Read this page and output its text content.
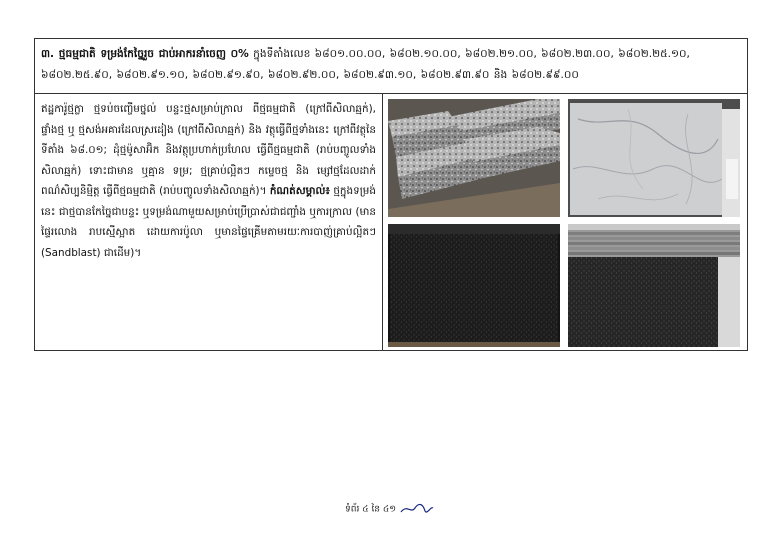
៣. ថ្មធម្មជាតិ ទម្រង់កែច្នៃរួច ជាប់អាករនាំចេញ ០% ក្នុងទីតាំងលេខ ៦៨០១.០០.០០, ៦៨០២.១០.០០, ៦៨០២.២១.០០, ៦៨០២.២៣.០០, ៦៨០២.២៥.១០, ៦៨០២.២៥.៩០, ៦៨០២.៩១.១០, ៦៨០២.៩១.៩០, ៦៨០២.៩២.០០, ៦៨០២.៩៣.១០, ៦៨០២.៩៣.៩០ និង ៦៨០២.៩៩.០០
ឥដ្ឋការ៉ូថ្មក្លា ថ្មទប់ចញ្ចើមថ្នល់ បន្ទះថ្មសម្រាប់ក្រាល ពីថ្មធម្មជាតិ (ក្រៅពីសិលាឆ្មក់), ផ្ទាំងថ្ម ឬ ថ្មសង់អគារដែលស្រដៀង (ក្រៅពីសិលាឆ្មក់) និង វត្ថុធ្វើពីថ្មទាំងនេះ ក្រៅពីវត្ថុនៃទីតាំង ៦៨.០១; ដុំថ្មម៉ូសាអ៊ិក និងវត្ថុប្រហាក់ប្រហែល ធ្វើពីថ្មធម្មជាតិ (រាប់បញ្ចូលទាំងសិលាឆ្មក់) ទោះជាមាន ឬគ្មាន ទម្រ; ថ្មគ្រាប់ល្អិតៗ កម្ទេចថ្ម និង ម្សៅថ្មដែលដាក់ពណ៌សិប្បនិម្មិត្ត ធ្វើពីថ្មធម្មជាតិ (រាប់បញ្ចូលទាំងសិលាឆ្មក់)។ កំណត់សម្គាល់៖ ថ្មក្នុងទម្រង់នេះ ជាថ្មបានកែច្នៃជាបន្ទះ ឬទម្រង់ណាមួយសម្រាប់ប្រើប្រាស់ជាជញ្ជាំង ឬការក្រាល (មានផ្ទៃរលោង រាបស្មើស្អាត ដោយការប៉ូលា ឬមានផ្ទៃគ្រើមតាមរយៈការបាញ់គ្រាប់ល្អិតៗ (Sandblast) ជាដើម)។
ទំព័រ ៤ នៃ ៤១
